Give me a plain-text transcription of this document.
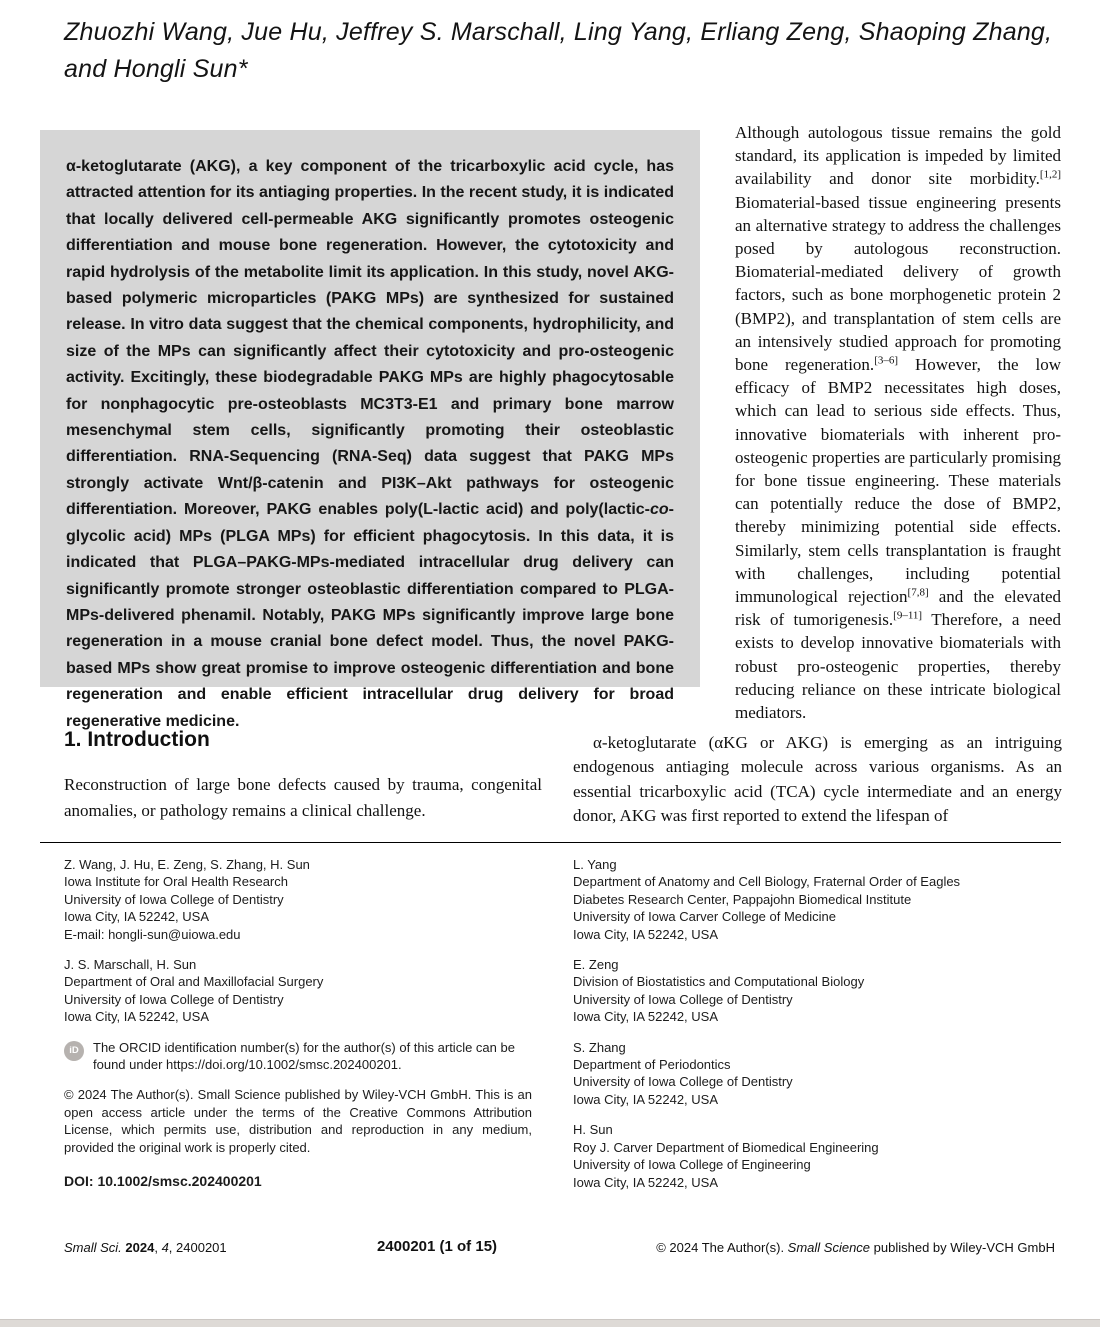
Zhuozhi Wang, Jue Hu, Jeffrey S. Marschall, Ling Yang, Erliang Zeng, Shaoping Zhang,
and Hongli Sun*

α-ketoglutarate (AKG), a key component of the tricarboxylic acid cycle, has attracted attention for its antiaging properties. In the recent study, it is indicated that locally delivered cell-permeable AKG significantly promotes osteogenic differentiation and mouse bone regeneration. However, the cytotoxicity and rapid hydrolysis of the metabolite limit its application. In this study, novel AKG-based polymeric microparticles (PAKG MPs) are synthesized for sustained release. In vitro data suggest that the chemical components, hydrophilicity, and size of the MPs can significantly affect their cytotoxicity and pro-osteogenic activity. Excitingly, these biodegradable PAKG MPs are highly phagocytosable for nonphagocytic pre-osteoblasts MC3T3-E1 and primary bone marrow mesenchymal stem cells, significantly promoting their osteoblastic differentiation. RNA-Sequencing (RNA-Seq) data suggest that PAKG MPs strongly activate Wnt/β-catenin and PI3K–Akt pathways for osteogenic differentiation. Moreover, PAKG enables poly(L-lactic acid) and poly(lactic-co-glycolic acid) MPs (PLGA MPs) for efficient phagocytosis. In this data, it is indicated that PLGA–PAKG-MPs-mediated intracellular drug delivery can significantly promote stronger osteoblastic differentiation compared to PLGA-MPs-delivered phenamil. Notably, PAKG MPs significantly improve large bone regeneration in a mouse cranial bone defect model. Thus, the novel PAKG-based MPs show great promise to improve osteogenic differentiation and bone regeneration and enable efficient intracellular drug delivery for broad regenerative medicine.

Although autologous tissue remains the gold standard, its application is impeded by limited availability and donor site morbidity.[1,2] Biomaterial-based tissue engineering presents an alternative strategy to address the challenges posed by autologous reconstruction. Biomaterial-mediated delivery of growth factors, such as bone morphogenetic protein 2 (BMP2), and transplantation of stem cells are an intensively studied approach for promoting bone regeneration.[3–6] However, the low efficacy of BMP2 necessitates high doses, which can lead to serious side effects. Thus, innovative biomaterials with inherent pro-osteogenic properties are particularly promising for bone tissue engineering. These materials can potentially reduce the dose of BMP2, thereby minimizing potential side effects. Similarly, stem cells transplantation is fraught with challenges, including potential immunological rejection[7,8] and the elevated risk of tumorigenesis.[9–11] Therefore, a need exists to develop innovative biomaterials with robust pro-osteogenic properties, thereby reducing reliance on these intricate biological mediators.

1. Introduction

Reconstruction of large bone defects caused by trauma, congenital anomalies, or pathology remains a clinical challenge.

α-ketoglutarate (αKG or AKG) is emerging as an intriguing endogenous antiaging molecule across various organisms. As an essential tricarboxylic acid (TCA) cycle intermediate and an energy donor, AKG was first reported to extend the lifespan of

Z. Wang, J. Hu, E. Zeng, S. Zhang, H. Sun
Iowa Institute for Oral Health Research
University of Iowa College of Dentistry
Iowa City, IA 52242, USA
E-mail: hongli-sun@uiowa.edu
J. S. Marschall, H. Sun
Department of Oral and Maxillofacial Surgery
University of Iowa College of Dentistry
Iowa City, IA 52242, USA
iD	The ORCID identification number(s) for the author(s) of this article can be found under https://doi.org/10.1002/smsc.202400201.
© 2024 The Author(s). Small Science published by Wiley-VCH GmbH. This is an open access article under the terms of the Creative Commons Attribution License, which permits use, distribution and reproduction in any medium, provided the original work is properly cited.
DOI: 10.1002/smsc.202400201
L. Yang
Department of Anatomy and Cell Biology, Fraternal Order of Eagles
Diabetes Research Center, Pappajohn Biomedical Institute
University of Iowa Carver College of Medicine
Iowa City, IA 52242, USA
E. Zeng
Division of Biostatistics and Computational Biology
University of Iowa College of Dentistry
Iowa City, IA 52242, USA
S. Zhang
Department of Periodontics
University of Iowa College of Dentistry
Iowa City, IA 52242, USA
H. Sun
Roy J. Carver Department of Biomedical Engineering
University of Iowa College of Engineering
Iowa City, IA 52242, USA
Small Sci. 2024, 4, 2400201	2400201 (1 of 15)	© 2024 The Author(s). Small Science published by Wiley-VCH GmbH
